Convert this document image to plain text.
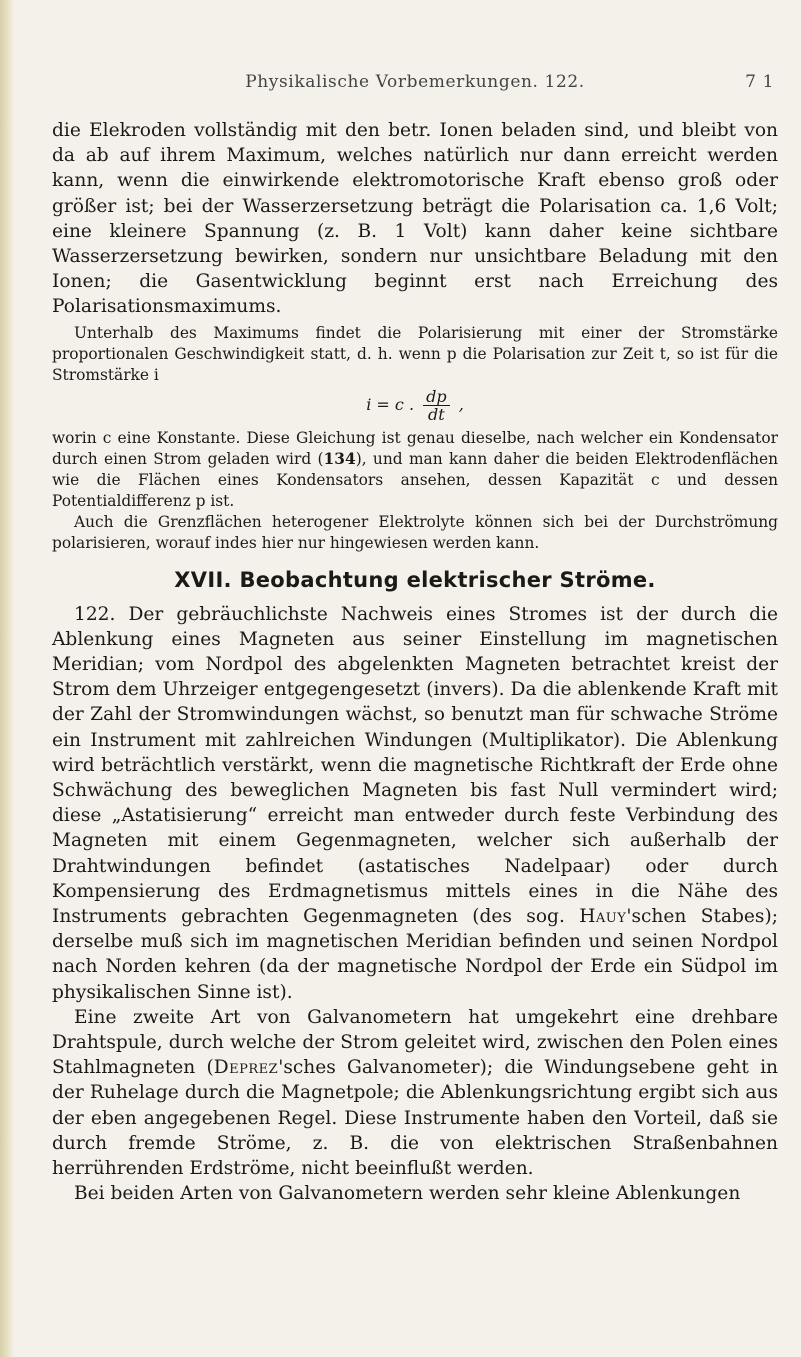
Physikalische Vorbemerkungen. 122.	7 1

die Elekroden vollständig mit den betr. Ionen beladen sind, und bleibt von da ab auf ihrem Maximum, welches natürlich nur dann erreicht werden kann, wenn die einwirkende elektromotorische Kraft ebenso groß oder größer ist; bei der Wasserzersetzung beträgt die Polarisation ca. 1,6 Volt; eine kleinere Spannung (z. B. 1 Volt) kann daher keine sichtbare Wasserzersetzung bewirken, sondern nur unsichtbare Beladung mit den Ionen; die Gasentwicklung beginnt erst nach Erreichung des Polarisationsmaximums.

Unterhalb des Maximums findet die Polarisierung mit einer der Stromstärke proportionalen Geschwindigkeit statt, d. h. wenn p die Polarisation zur Zeit t, so ist für die Stromstärke i

i = c . $\frac{dp}{dt}$ ,

worin c eine Konstante. Diese Gleichung ist genau dieselbe, nach welcher ein Kondensator durch einen Strom geladen wird (134), und man kann daher die beiden Elektrodenflächen wie die Flächen eines Kondensators ansehen, dessen Kapazität c und dessen Potentialdifferenz p ist.

Auch die Grenzflächen heterogener Elektrolyte können sich bei der Durchströmung polarisieren, worauf indes hier nur hingewiesen werden kann.

XVII. Beobachtung elektrischer Ströme.

122. Der gebräuchlichste Nachweis eines Stromes ist der durch die Ablenkung eines Magneten aus seiner Einstellung im magnetischen Meridian; vom Nordpol des abgelenkten Magneten betrachtet kreist der Strom dem Uhrzeiger entgegengesetzt (invers). Da die ablenkende Kraft mit der Zahl der Stromwindungen wächst, so benutzt man für schwache Ströme ein Instrument mit zahlreichen Windungen (Multiplikator). Die Ablenkung wird beträchtlich verstärkt, wenn die magnetische Richtkraft der Erde ohne Schwächung des beweglichen Magneten bis fast Null vermindert wird; diese „Astatisierung“ erreicht man entweder durch feste Verbindung des Magneten mit einem Gegenmagneten, welcher sich außerhalb der Drahtwindungen befindet (astatisches Nadelpaar) oder durch Kompensierung des Erdmagnetismus mittels eines in die Nähe des Instruments gebrachten Gegenmagneten (des sog. Hauy'schen Stabes); derselbe muß sich im magnetischen Meridian befinden und seinen Nordpol nach Norden kehren (da der magnetische Nordpol der Erde ein Südpol im physikalischen Sinne ist).

Eine zweite Art von Galvanometern hat umgekehrt eine drehbare Drahtspule, durch welche der Strom geleitet wird, zwischen den Polen eines Stahlmagneten (Deprez'sches Galvanometer); die Windungsebene geht in der Ruhelage durch die Magnetpole; die Ablenkungsrichtung ergibt sich aus der eben angegebenen Regel. Diese Instrumente haben den Vorteil, daß sie durch fremde Ströme, z. B. die von elektrischen Straßenbahnen herrührenden Erdströme, nicht beeinflußt werden.

Bei beiden Arten von Galvanometern werden sehr kleine Ablenkungen
